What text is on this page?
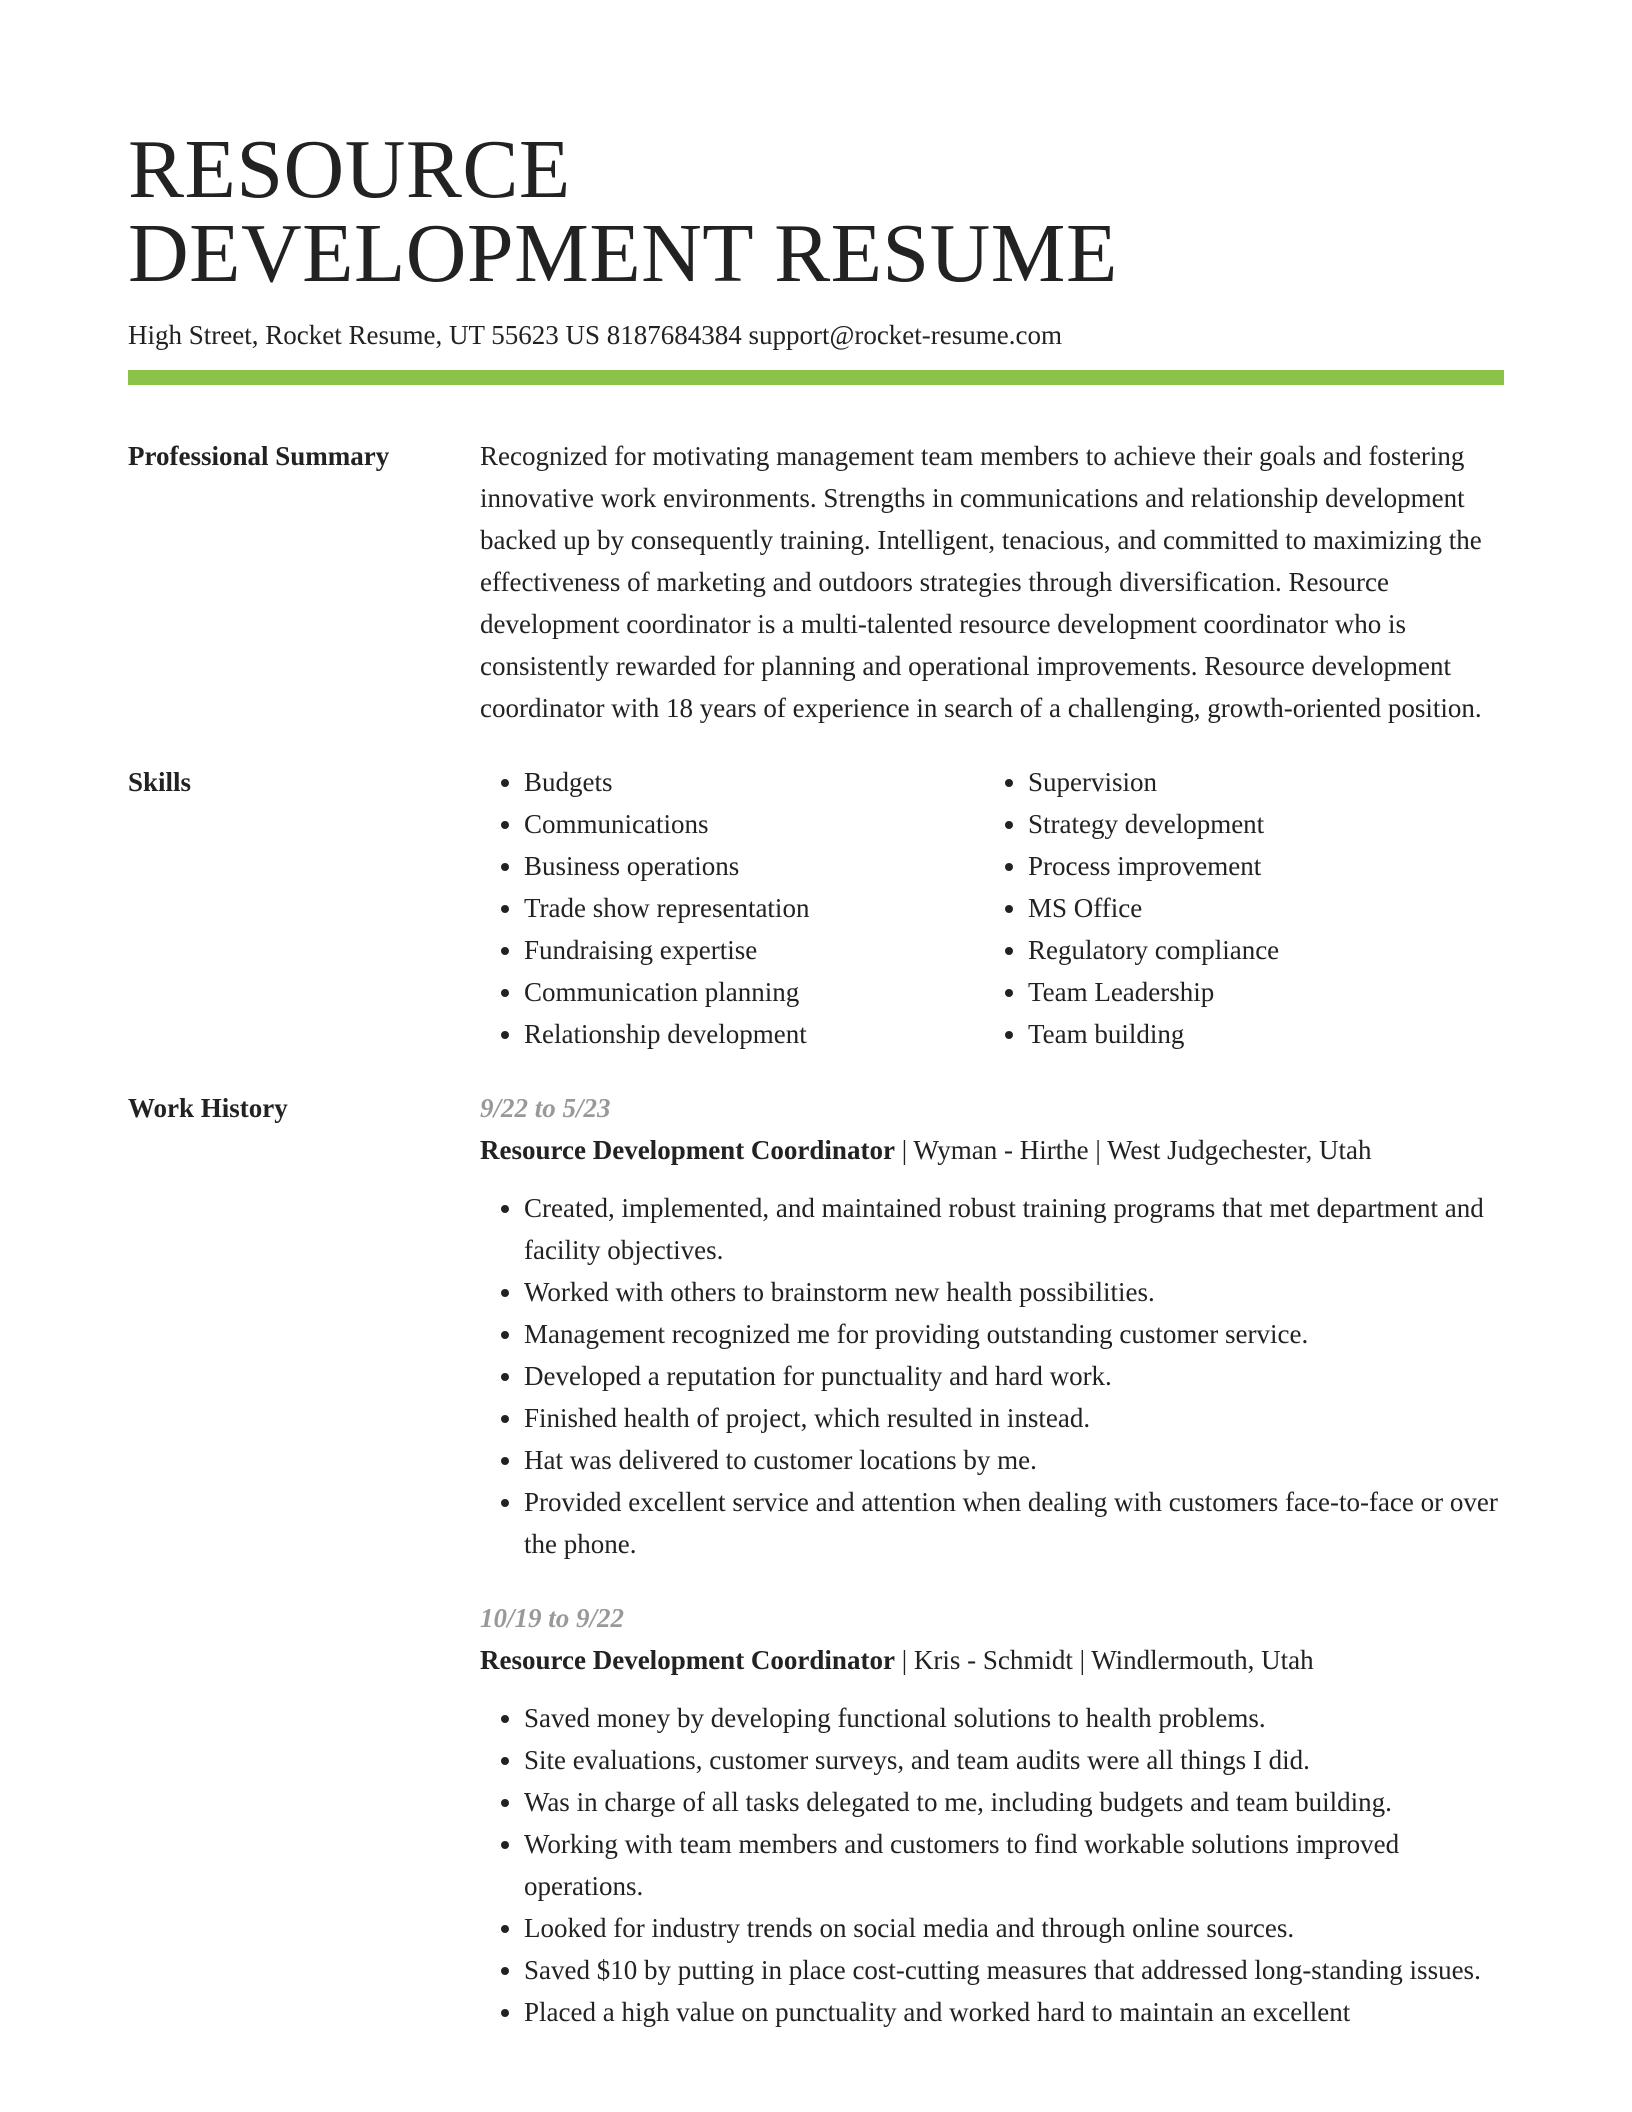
RESOURCE
DEVELOPMENT RESUME
High Street, Rocket Resume, UT 55623 US 8187684384 support@rocket-resume.com
Professional Summary	Recognized for motivating management team members to achieve their goals and fostering innovative work environments. Strengths in communications and relationship development backed up by consequently training. Intelligent, tenacious, and committed to maximizing the effectiveness of marketing and outdoors strategies through diversification. Resource development coordinator is a multi-talented resource development coordinator who is consistently rewarded for planning and operational improvements. Resource development coordinator with 18 years of experience in search of a challenging, growth-oriented position.

Skills
•	Budgets
• Communications
• Business operations
• Trade show representation
• Fundraising expertise
• Communication planning
• Relationship development
• Supervision
• Strategy development
• Process improvement
• MS Office
• Regulatory compliance
• Team Leadership
• Team building
Work History	9/22 to 5/23
Resource Development Coordinator | Wyman - Hirthe | West Judgechester, Utah
• Created, implemented, and maintained robust training programs that met department and facility objectives.
• Worked with others to brainstorm new health possibilities.
• Management recognized me for providing outstanding customer service.
• Developed a reputation for punctuality and hard work.
• Finished health of project, which resulted in instead.
• Hat was delivered to customer locations by me.
• Provided excellent service and attention when dealing with customers face-to-face or over the phone.
10/19 to 9/22
Resource Development Coordinator | Kris - Schmidt | Windlermouth, Utah
• Saved money by developing functional solutions to health problems.
• Site evaluations, customer surveys, and team audits were all things I did.
• Was in charge of all tasks delegated to me, including budgets and team building.
• Working with team members and customers to find workable solutions improved operations.
• Looked for industry trends on social media and through online sources.
• Saved $10 by putting in place cost-cutting measures that addressed long-standing issues.
• Placed a high value on punctuality and worked hard to maintain an excellent
